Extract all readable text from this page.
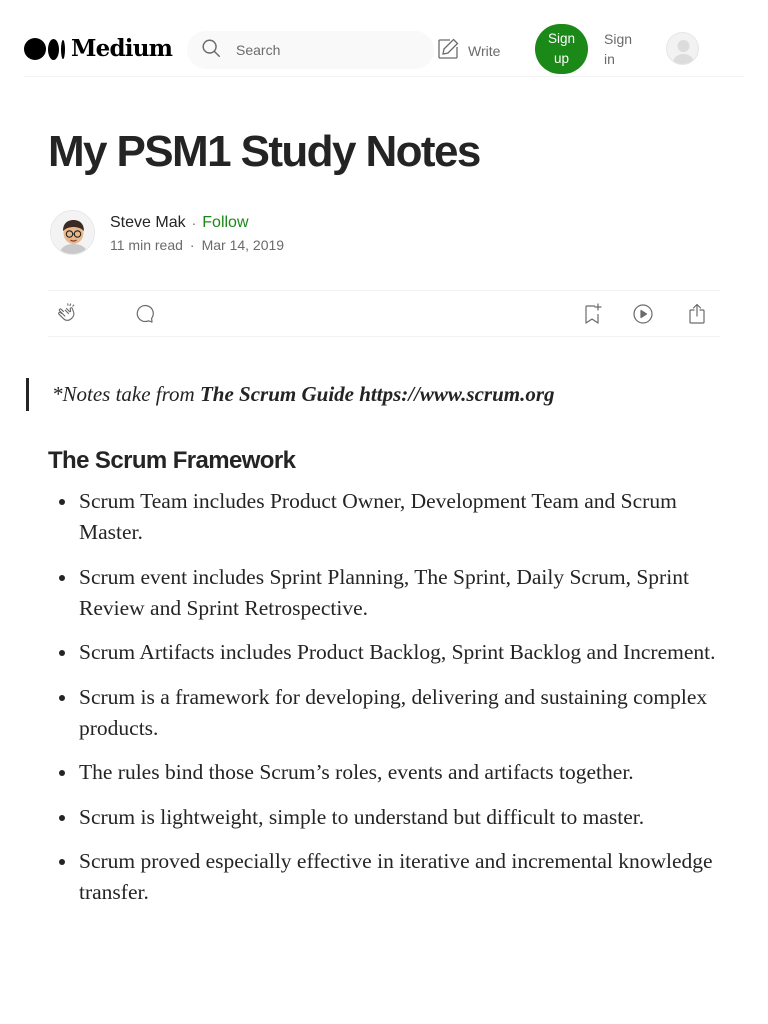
Medium
Search	Write
Sign up
Sign in
My PSM1 Study Notes
Steve Mak · Follow
11 min read · Mar 14, 2019
*Notes take from The Scrum Guide https://www.scrum.org
The Scrum Framework
Scrum Team includes Product Owner, Development Team and Scrum Master.
Scrum event includes Sprint Planning, The Sprint, Daily Scrum, Sprint Review and Sprint Retrospective.
Scrum Artifacts includes Product Backlog, Sprint Backlog and Increment.
Scrum is a framework for developing, delivering and sustaining complex products.
The rules bind those Scrum’s roles, events and artifacts together.
Scrum is lightweight, simple to understand but difficult to master.
Scrum proved especially effective in iterative and incremental knowledge transfer.
